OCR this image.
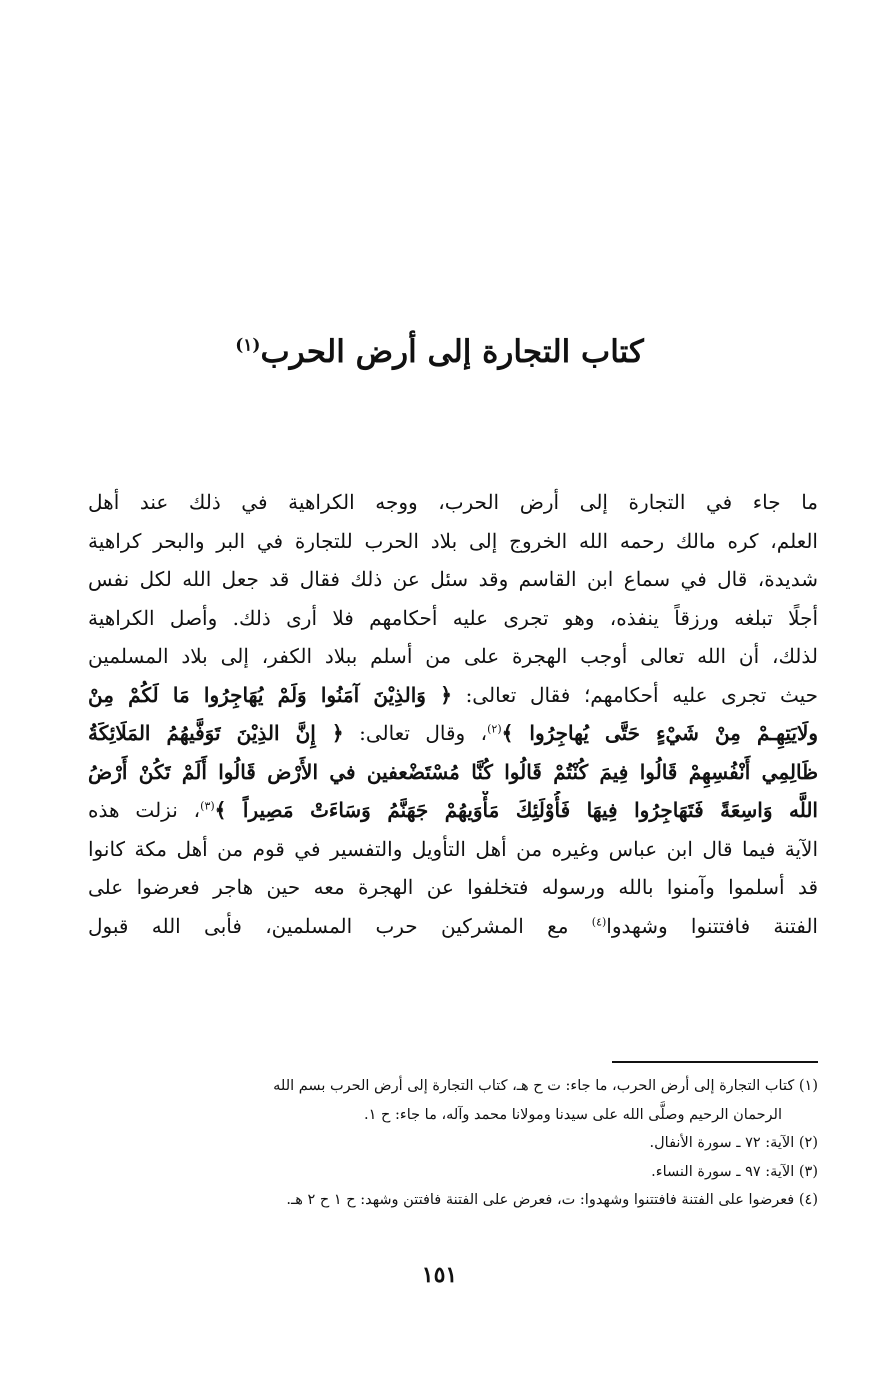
كتاب التجارة إلى أرض الحرب$^{(١)}$
ما جاء في التجارة إلى أرض الحرب، ووجه الكراهية في ذلك عند أهل
العلم، كره مالك رحمه الله الخروج إلى بلاد الحرب للتجارة في البر والبحر كراهية
شديدة، قال في سماع ابن القاسم وقد سئل عن ذلك فقال قد جعل الله لكل نفس
أجلًا تبلغه ورزقاً ينفذه، وهو تجرى عليه أحكامهم فلا أرى ذلك. وأصل الكراهية
لذلك، أن الله تعالى أوجب الهجرة على من أسلم ببلاد الكفر، إلى بلاد المسلمين
حيث تجرى عليه أحكامهم؛ فقال تعالى: ﴿ وَالذِيْنَ آمَنُوا وَلَمْ يُهَاجِرُوا مَا لَكُمْ مِنْ
ولَايَتِهِـمْ مِنْ شَيْءٍ حَتَّى يُهاجِرُوا ﴾$^{(٢)}$، وقال تعالى: ﴿ إِنَّ الذِيْنَ تَوَفَّيهُمُ المَلَائِكَةُ
ظَالِمِي أَنْفُسِهِمْ قَالُوا فِيمَ كُنْتُمْ قَالُوا كُنَّا مُسْتَضْعفين في الأَرْض قَالُوا أَلَمْ تَكُنْ أَرْضُ
اللَّه وَاسِعَةً فَتَهَاجِرُوا فِيهَا فَأُوْلَئِكَ مَأْوَيهُمْ جَهَنَّمُ وَسَاءَتْ مَصِيراً ﴾$^{(٣)}$، نزلت هذه
الآية فيما قال ابن عباس وغيره من أهل التأويل والتفسير في قوم من أهل مكة كانوا
قد أسلموا وآمنوا بالله ورسوله فتخلفوا عن الهجرة معه حين هاجر فعرضوا على
الفتنة فافتتنوا وشهدوا$^{(٤)}$ مع المشركين حرب المسلمين، فأبى الله قبول
(١) كتاب التجارة إلى أرض الحرب، ما جاء: ت ح هـ، كتاب التجارة إلى أرض الحرب بسم الله
الرحمان الرحيم وصلَّى الله على سيدنا ومولانا محمد وآله، ما جاء: ح ١.
(٢) الآية: ٧٢ ـ سورة الأنفال.
(٣) الآية: ٩٧ ـ سورة النساء.
(٤) فعرضوا على الفتنة فافتتنوا وشهدوا: ت، فعرض على الفتنة فافتتن وشهد: ح ١ ح ٢ هـ.
١٥١
